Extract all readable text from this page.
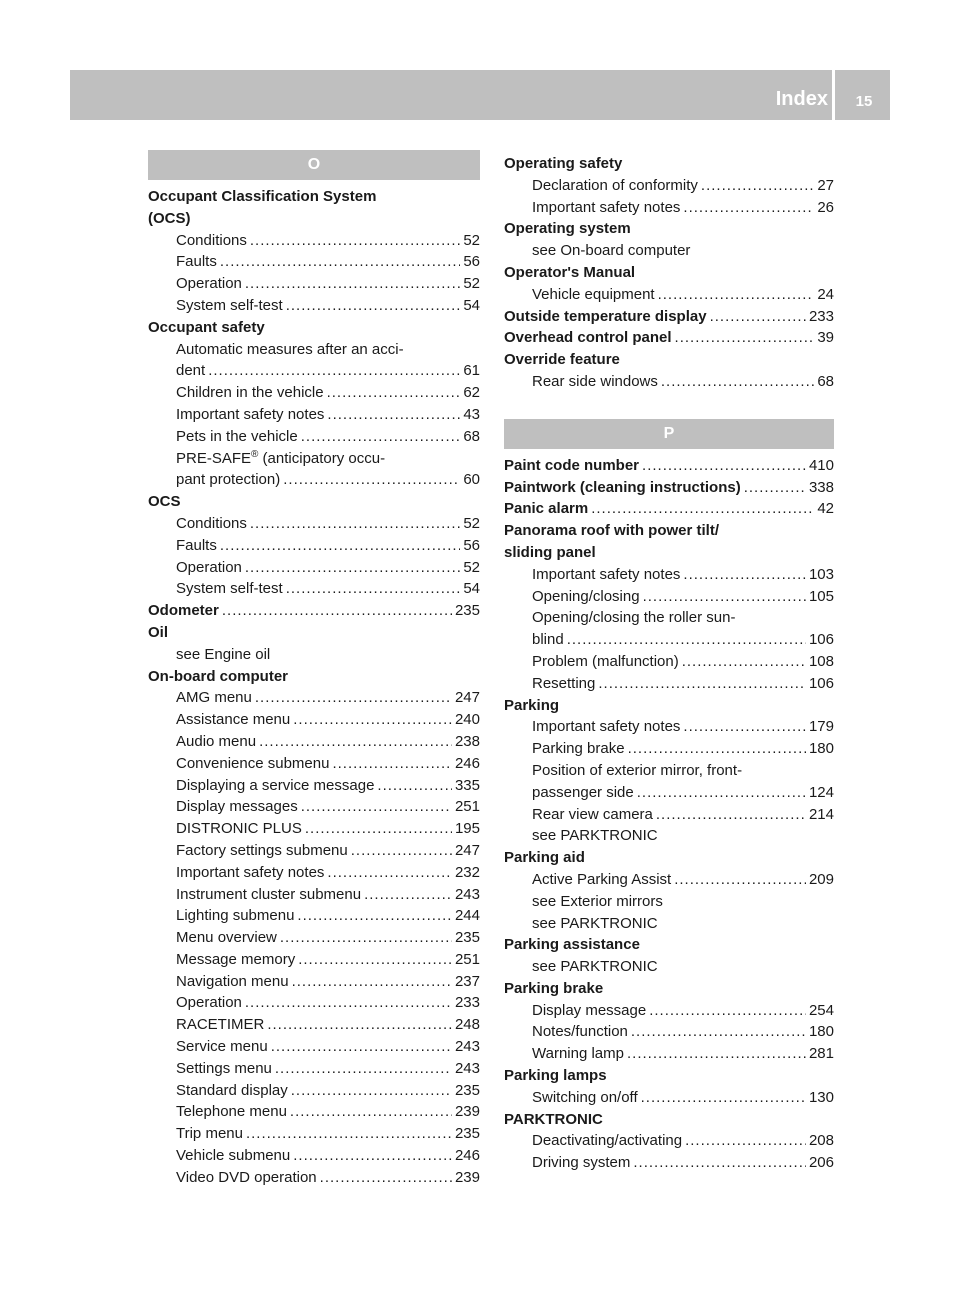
Index	15
O
Occupant Classification System
(OCS)
Conditions .....	52
Faults .....	56
Operation .....	52
System self-test .....	54
Occupant safety
Automatic measures after an acci-
dent .....	61
Children in the vehicle .....	62
Important safety notes .....	43
Pets in the vehicle .....	68
PRE-SAFE® (anticipatory occu-
pant protection) .....	60
OCS
Conditions .....	52
Faults .....	56
Operation .....	52
System self-test .....	54
Odometer .....	235
Oil
see Engine oil
On-board computer
AMG menu .....	247
Assistance menu .....	240
Audio menu .....	238
Convenience submenu .....	246
Displaying a service message .....	335
Display messages .....	251
DISTRONIC PLUS .....	195
Factory settings submenu .....	247
Important safety notes .....	232
Instrument cluster submenu .....	243
Lighting submenu .....	244
Menu overview .....	235
Message memory .....	251
Navigation menu .....	237
Operation .....	233
RACETIMER .....	248
Service menu .....	243
Settings menu .....	243
Standard display .....	235
Telephone menu .....	239
Trip menu .....	235
Vehicle submenu .....	246
Video DVD operation .....	239
Operating safety
Declaration of conformity .....	27
Important safety notes .....	26
Operating system
see On-board computer
Operator's Manual
Vehicle equipment .....	24
Outside temperature display .....	233
Overhead control panel .....	39
Override feature
Rear side windows .....	68
P
Paint code number .....	410
Paintwork (cleaning instructions) .....	338
Panic alarm .....	42
Panorama roof with power tilt/
sliding panel
Important safety notes .....	103
Opening/closing .....	105
Opening/closing the roller sun-
blind .....	106
Problem (malfunction) .....	108
Resetting .....	106
Parking
Important safety notes .....	179
Parking brake .....	180
Position of exterior mirror, front-
passenger side .....	124
Rear view camera .....	214
see PARKTRONIC
Parking aid
Active Parking Assist .....	209
see Exterior mirrors
see PARKTRONIC
Parking assistance
see PARKTRONIC
Parking brake
Display message .....	254
Notes/function .....	180
Warning lamp .....	281
Parking lamps
Switching on/off .....	130
PARKTRONIC
Deactivating/activating .....	208
Driving system .....	206
